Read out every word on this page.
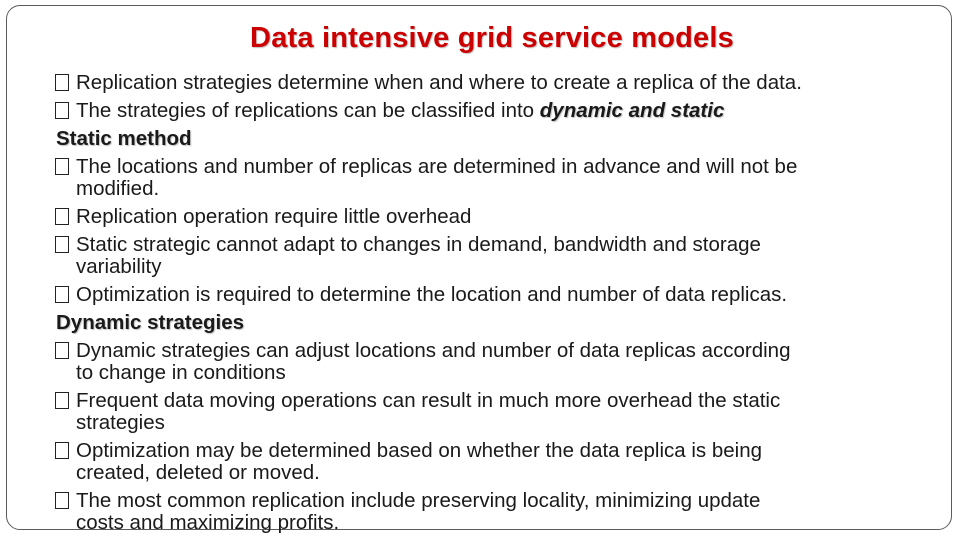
Data intensive grid service models
Replication strategies determine when and where to create a replica of the data.
The strategies of replications can be classified into dynamic and static
Static method
The locations and number of replicas are determined in advance and will not be
modified.
Replication operation require little overhead
Static strategic cannot adapt to changes in demand, bandwidth and storage
variability
Optimization is required to determine the location and number of data replicas.
Dynamic strategies
Dynamic strategies can adjust locations and number of data replicas according
to change in conditions
Frequent data moving operations can result in much more overhead the static
strategies
Optimization may be determined based on whether the data replica is being
created, deleted or moved.
The most common replication include preserving locality, minimizing update
costs and maximizing profits.
